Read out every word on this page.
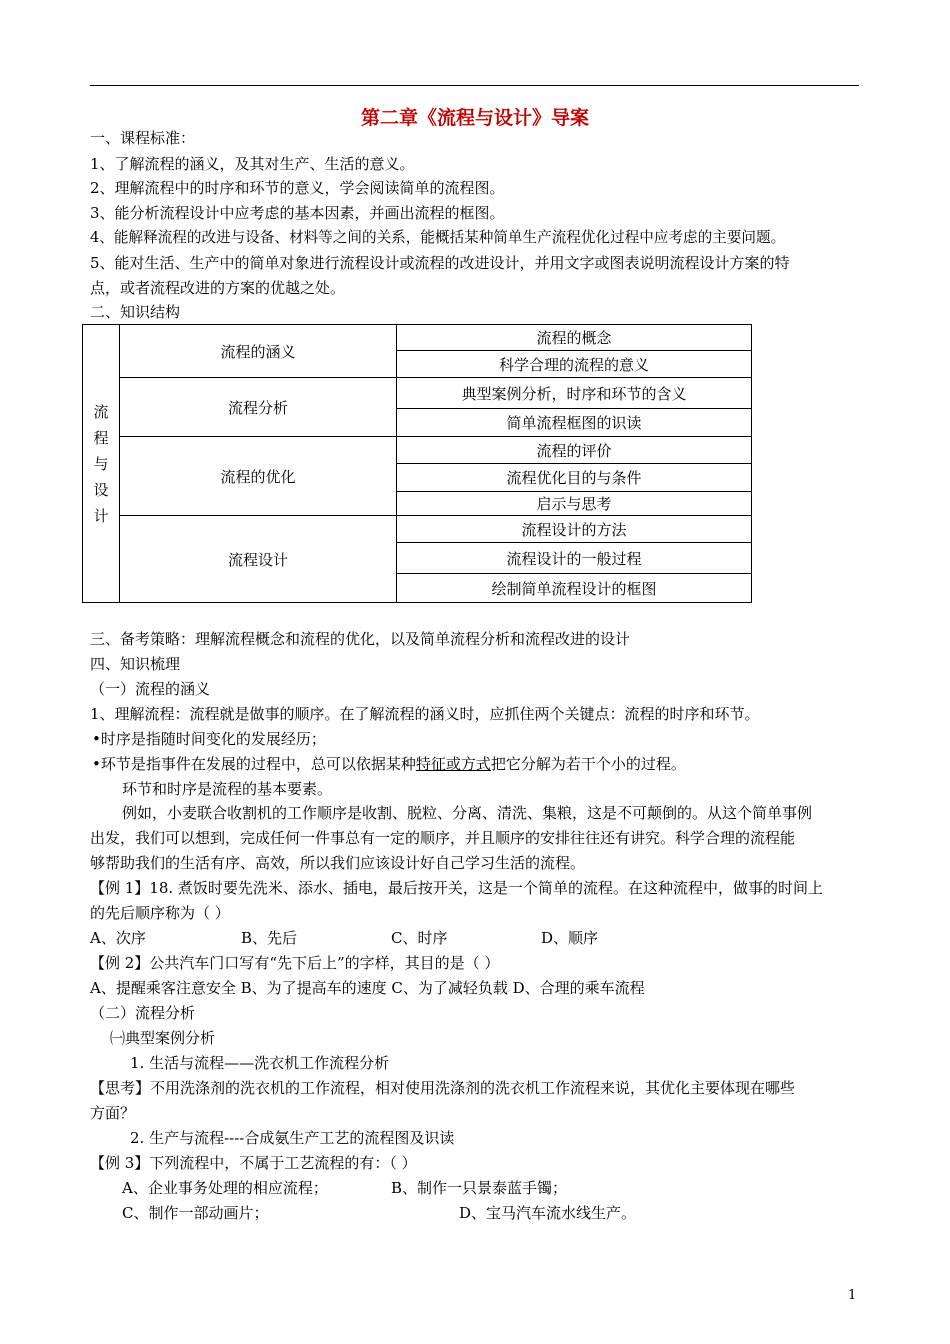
第二章《流程与设计》导案
一、课程标准：
1、了解流程的涵义，及其对生产、生活的意义。
2、理解流程中的时序和环节的意义，学会阅读简单的流程图。
3、能分析流程设计中应考虑的基本因素，并画出流程的框图。
4、能解释流程的改进与设备、材料等之间的关系，能概括某种简单生产流程优化过程中应考虑的主要问题。
5、能对生活、生产中的简单对象进行流程设计或流程的改进设计，并用文字或图表说明流程设计方案的特
点，或者流程改进的方案的优越之处。
二、知识结构
流
程
与
设
计	流程的涵义	流程的概念
		科学合理的流程的意义
	流程分析	典型案例分析，时序和环节的含义
		简单流程框图的识读
	流程的优化	流程的评价
		流程优化目的与条件
		启示与思考
	流程设计	流程设计的方法
		流程设计的一般过程
		绘制简单流程设计的框图
三、备考策略：理解流程概念和流程的优化，以及简单流程分析和流程改进的设计
四、知识梳理
（一）流程的涵义
1、理解流程：流程就是做事的顺序。在了解流程的涵义时，应抓住两个关键点：流程的时序和环节。
•时序是指随时间变化的发展经历；
•环节是指事件在发展的过程中，总可以依据某种特征或方式把它分解为若干个小的过程。
环节和时序是流程的基本要素。
例如，小麦联合收割机的工作顺序是收割、脱粒、分离、清洗、集粮，这是不可颠倒的。从这个简单事例
出发，我们可以想到，完成任何一件事总有一定的顺序，并且顺序的安排往往还有讲究。科学合理的流程能
够帮助我们的生活有序、高效，所以我们应该设计好自己学习生活的流程。
【例 1】18. 煮饭时要先洗米、添水、插电，最后按开关，这是一个简单的流程。在这种流程中，做事的时间上
的先后顺序称为（ ）
A、次序	B、先后	C、时序	D、顺序
【例 2】公共汽车门口写有“先下后上”的字样，其目的是（ ）
A、提醒乘客注意安全 B、为了提高车的速度 C、为了减轻负载 D、合理的乘车流程
（二）流程分析
㈠典型案例分析
1. 生活与流程——洗衣机工作流程分析
【思考】不用洗涤剂的洗衣机的工作流程，相对使用洗涤剂的洗衣机工作流程来说，其优化主要体现在哪些
方面？
2. 生产与流程----合成氨生产工艺的流程图及识读
【例 3】下列流程中，不属于工艺流程的有：（ ）
A、企业事务处理的相应流程；	B、制作一只景泰蓝手镯；
C、制作一部动画片；	D、宝马汽车流水线生产。
1
